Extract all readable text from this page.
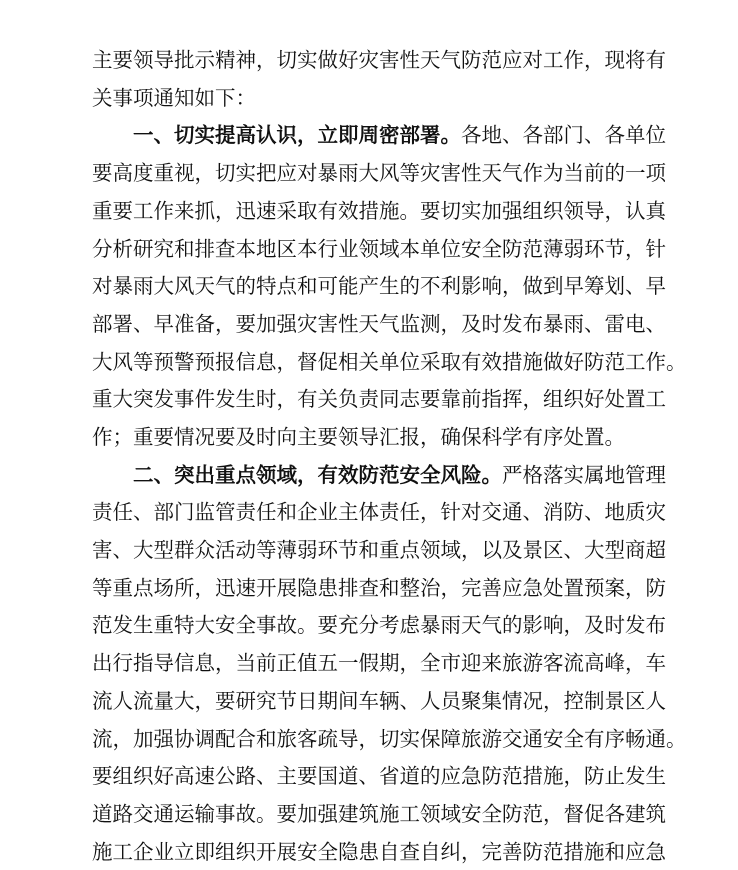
主要领导批示精神，切实做好灾害性天气防范应对工作，现将有
关事项通知如下：
一、切实提高认识，立即周密部署。各地、各部门、各单位
要高度重视，切实把应对暴雨大风等灾害性天气作为当前的一项
重要工作来抓，迅速采取有效措施。要切实加强组织领导，认真
分析研究和排查本地区本行业领域本单位安全防范薄弱环节，针
对暴雨大风天气的特点和可能产生的不利影响，做到早筹划、早
部署、早准备，要加强灾害性天气监测，及时发布暴雨、雷电、
大风等预警预报信息，督促相关单位采取有效措施做好防范工作。
重大突发事件发生时，有关负责同志要靠前指挥，组织好处置工
作；重要情况要及时向主要领导汇报，确保科学有序处置。
二、突出重点领域，有效防范安全风险。严格落实属地管理
责任、部门监管责任和企业主体责任，针对交通、消防、地质灾
害、大型群众活动等薄弱环节和重点领域，以及景区、大型商超
等重点场所，迅速开展隐患排查和整治，完善应急处置预案，防
范发生重特大安全事故。要充分考虑暴雨天气的影响，及时发布
出行指导信息，当前正值五一假期，全市迎来旅游客流高峰，车
流人流量大，要研究节日期间车辆、人员聚集情况，控制景区人
流，加强协调配合和旅客疏导，切实保障旅游交通安全有序畅通。
要组织好高速公路、主要国道、省道的应急防范措施，防止发生
道路交通运输事故。要加强建筑施工领域安全防范，督促各建筑
施工企业立即组织开展安全隐患自查自纠，完善防范措施和应急
